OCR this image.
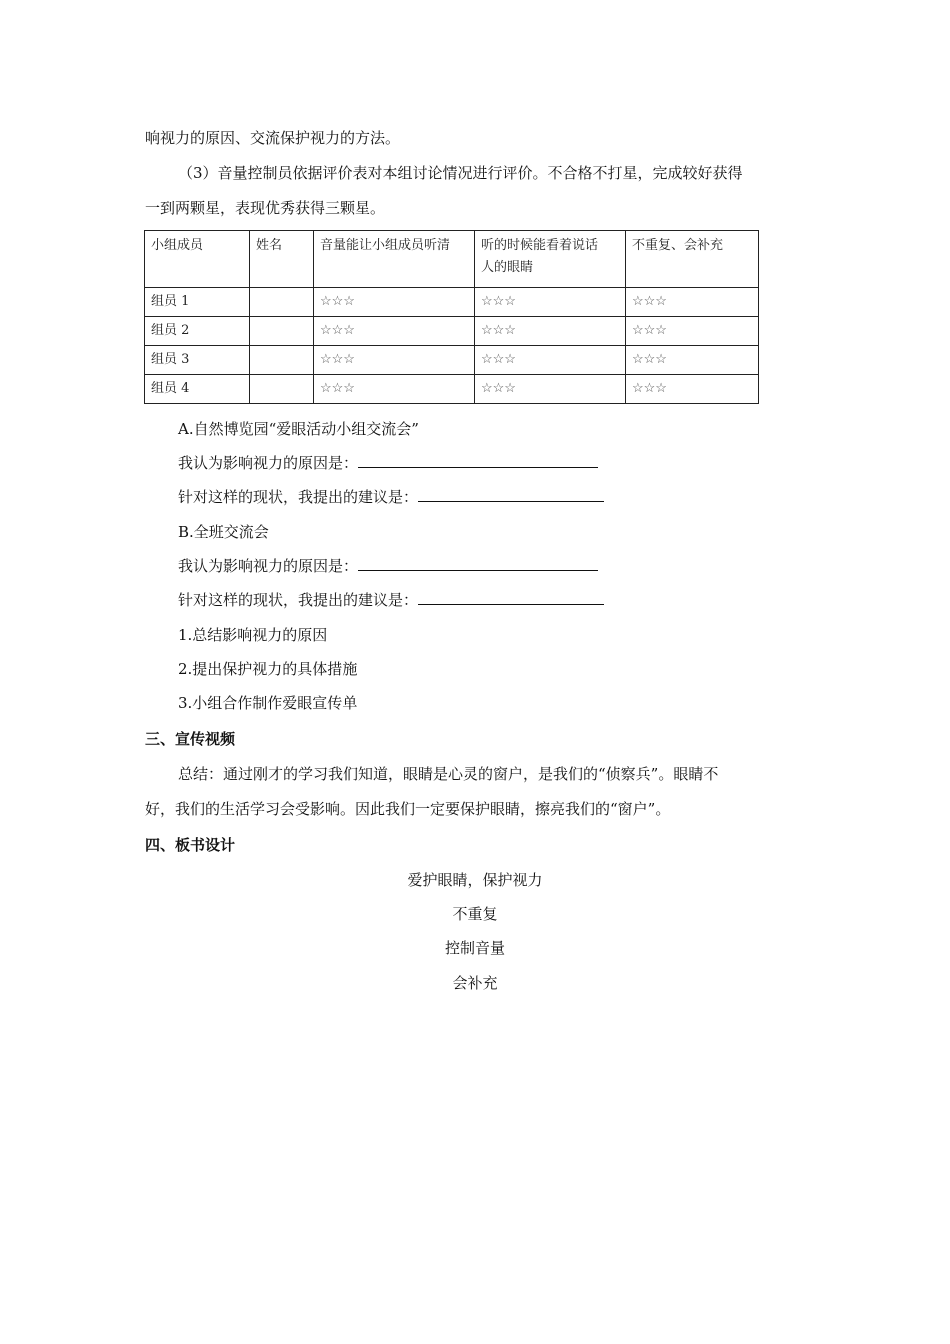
响视力的原因、交流保护视力的方法。
（3）音量控制员依据评价表对本组讨论情况进行评价。不合格不打星，完成较好获得
一到两颗星，表现优秀获得三颗星。
小组成员	姓名	音量能让小组成员听清	听的时候能看着说话
人的眼睛	不重复、会补充
组员 1		☆☆☆	☆☆☆	☆☆☆
组员 2		☆☆☆	☆☆☆	☆☆☆
组员 3		☆☆☆	☆☆☆	☆☆☆
组员 4		☆☆☆	☆☆☆	☆☆☆
A.自然博览园“爱眼活动小组交流会”
我认为影响视力的原因是：
针对这样的现状，我提出的建议是：
B.全班交流会
我认为影响视力的原因是：
针对这样的现状，我提出的建议是：
1.总结影响视力的原因
2.提出保护视力的具体措施
3.小组合作制作爱眼宣传单
三、宣传视频
总结：通过刚才的学习我们知道，眼睛是心灵的窗户，是我们的“侦察兵”。眼睛不
好，我们的生活学习会受影响。因此我们一定要保护眼睛，擦亮我们的“窗户”。
四、板书设计
爱护眼睛，保护视力
不重复
控制音量
会补充
